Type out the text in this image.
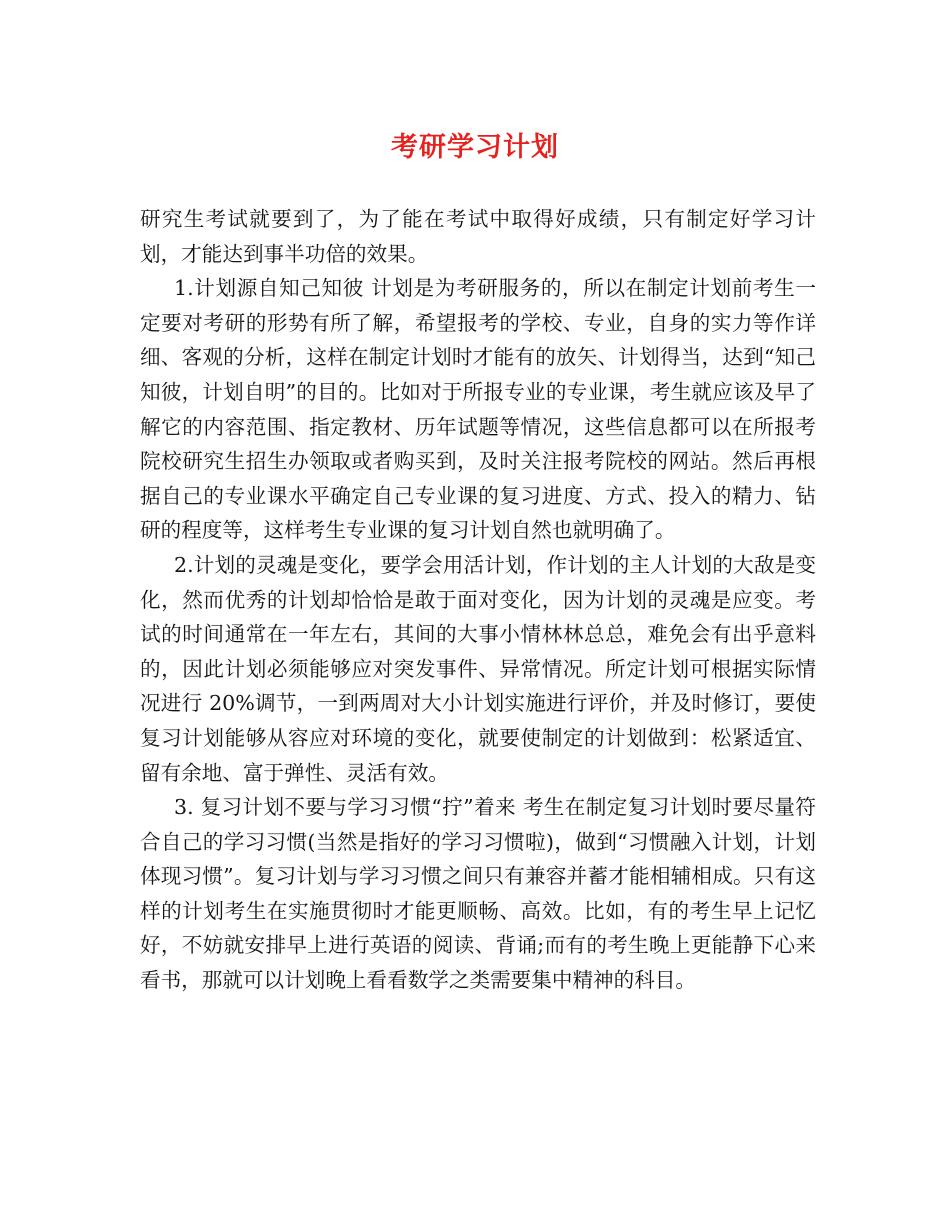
考研学习计划

研究生考试就要到了，为了能在考试中取得好成绩，只有制定好学习计划，才能达到事半功倍的效果。

1.计划源自知己知彼 计划是为考研服务的，所以在制定计划前考生一定要对考研的形势有所了解，希望报考的学校、专业，自身的实力等作详细、客观的分析，这样在制定计划时才能有的放矢、计划得当，达到“知己知彼，计划自明”的目的。比如对于所报专业的专业课，考生就应该及早了解它的内容范围、指定教材、历年试题等情况，这些信息都可以在所报考院校研究生招生办领取或者购买到，及时关注报考院校的网站。然后再根据自己的专业课水平确定自己专业课的复习进度、方式、投入的精力、钻研的程度等，这样考生专业课的复习计划自然也就明确了。

2.计划的灵魂是变化，要学会用活计划，作计划的主人计划的大敌是变化，然而优秀的计划却恰恰是敢于面对变化，因为计划的灵魂是应变。考试的时间通常在一年左右，其间的大事小情林林总总，难免会有出乎意料的，因此计划必须能够应对突发事件、异常情况。所定计划可根据实际情况进行 20%调节，一到两周对大小计划实施进行评价，并及时修订，要使复习计划能够从容应对环境的变化，就要使制定的计划做到：松紧适宜、留有余地、富于弹性、灵活有效。

3. 复习计划不要与学习习惯“拧”着来 考生在制定复习计划时要尽量符合自己的学习习惯(当然是指好的学习习惯啦)，做到“习惯融入计划，计划体现习惯”。复习计划与学习习惯之间只有兼容并蓄才能相辅相成。只有这样的计划考生在实施贯彻时才能更顺畅、高效。比如，有的考生早上记忆好，不妨就安排早上进行英语的阅读、背诵;而有的考生晚上更能静下心来看书，那就可以计划晚上看看数学之类需要集中精神的科目。
